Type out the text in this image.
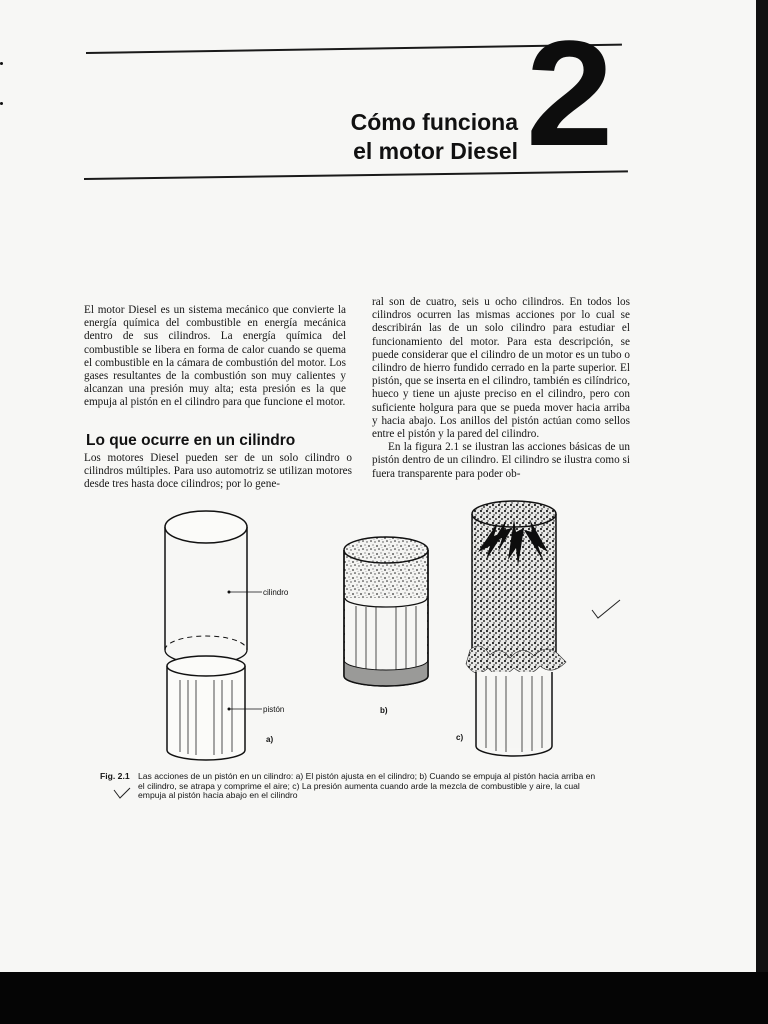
Cómo funciona
el motor Diesel 2

El motor Diesel es un sistema mecánico que convierte la energía química del combustible en energía mecánica dentro de sus cilindros. La energía química del combustible se libera en forma de calor cuando se quema el combustible en la cámara de combustión del motor. Los gases resultantes de la combustión son muy calientes y alcanzan una presión muy alta; esta presión es la que empuja al pistón en el cilindro para que funcione el motor.

Lo que ocurre en un cilindro

Los motores Diesel pueden ser de un solo cilindro o cilindros múltiples. Para uso automotriz se utilizan motores desde tres hasta doce cilindros; por lo gene-

ral son de cuatro, seis u ocho cilindros. En todos los cilindros ocurren las mismas acciones por lo cual se describirán las de un solo cilindro para estudiar el funcionamiento del motor. Para esta descripción, se puede considerar que el cilindro de un motor es un tubo o cilindro de hierro fundido cerrado en la parte superior. El pistón, que se inserta en el cilindro, también es cilíndrico, hueco y tiene un ajuste preciso en el cilindro, pero con suficiente holgura para que se pueda mover hacia arriba y hacia abajo. Los anillos del pistón actúan como sellos entre el pistón y la pared del cilindro.

En la figura 2.1 se ilustran las acciones básicas de un pistón dentro de un cilindro. El cilindro se ilustra como si fuera transparente para poder ob-

cilindro
pistón
a)
b)
c)
Fig. 2.1 Las acciones de un pistón en un cilindro: a) El pistón ajusta en el cilindro; b) Cuando se empuja al pistón hacia arriba en el cilindro, se atrapa y comprime el aire; c) La presión aumenta cuando arde la mezcla de combustible y aire, la cual empuja al pistón hacia abajo en el cilindro
